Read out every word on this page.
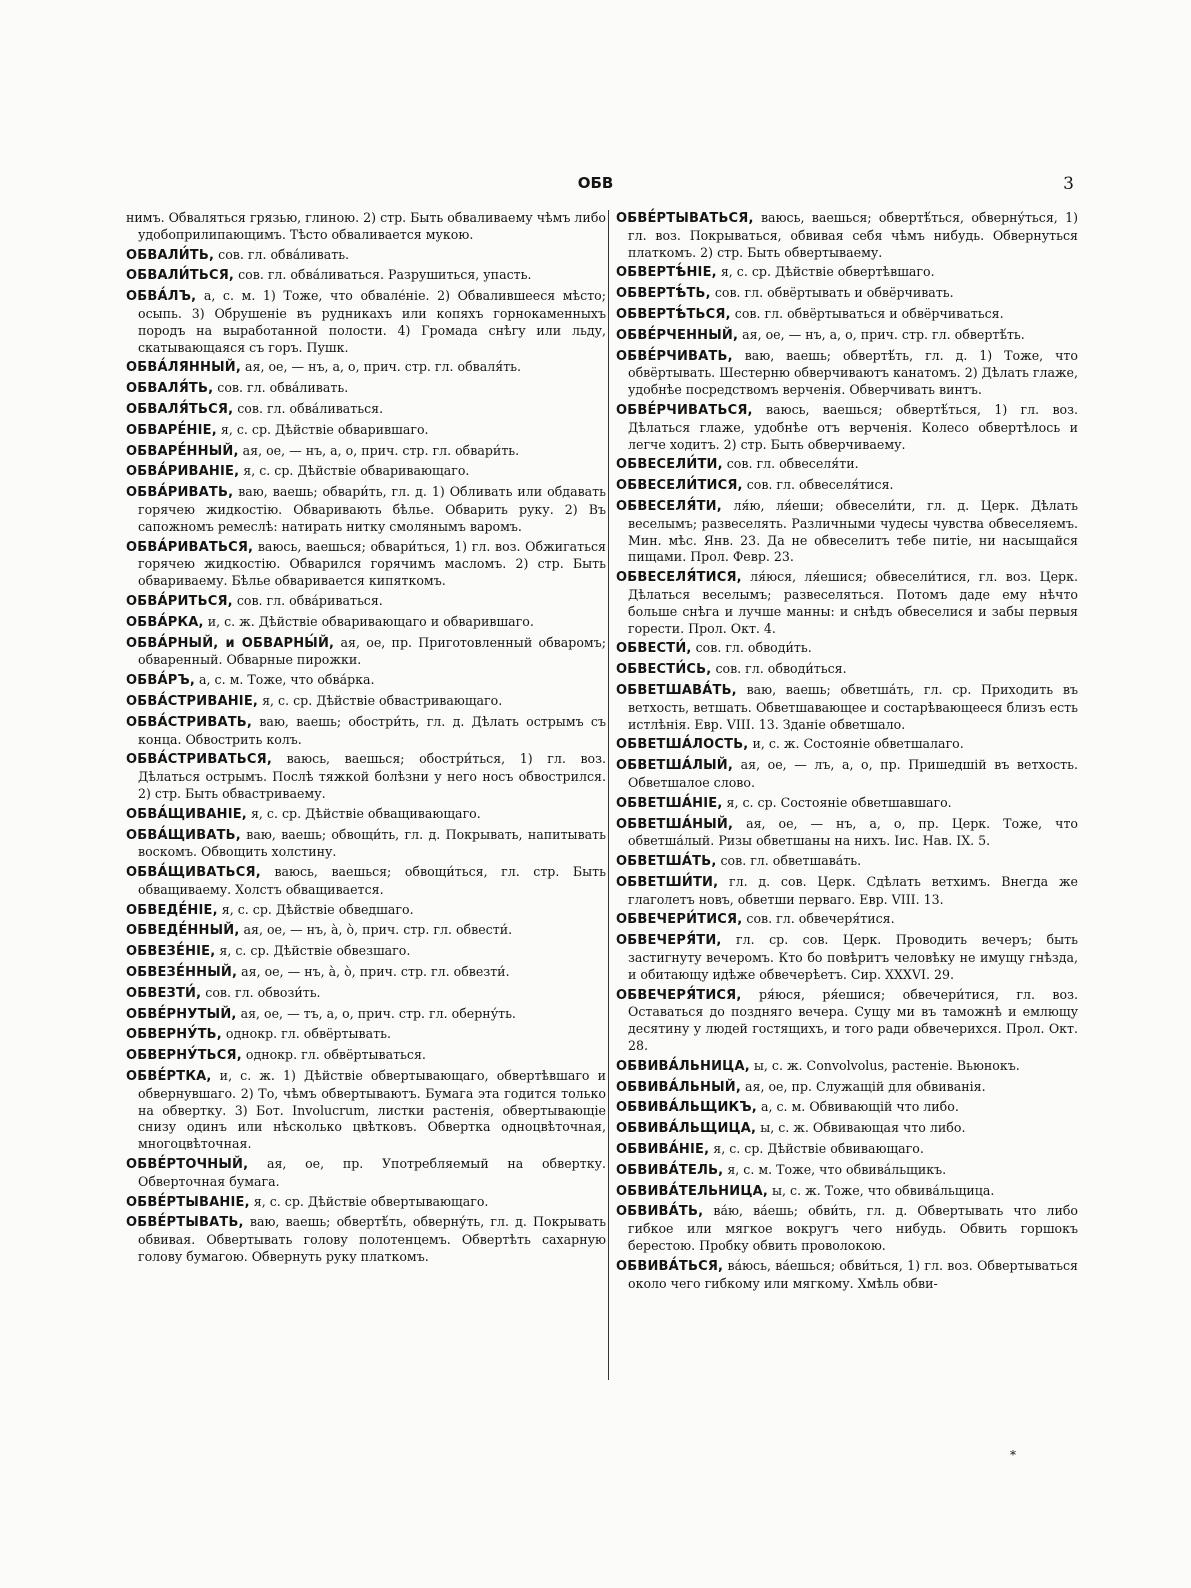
ОБВ	3

нимъ. Обваляться грязью, глиною. 2) стр. Быть обваливаему чѣмъ либо удобоприлипающимъ. Тѣсто обваливается мукою.

ОБВАЛИ́ТЬ, сов. гл. обва́ливать.

ОБВАЛИ́ТЬСЯ, сов. гл. обва́ливаться. Разрушиться, упасть.

ОБВА́ЛЪ, а, с. м. 1) Тоже, что обвале́ніе. 2) Обвалившееся мѣсто; осыпь. 3) Обрушеніе въ рудникахъ или копяхъ горнокаменныхъ породъ на выработанной полости. 4) Громада снѣгу или льду, скатывающаяся съ горъ. Пушк.

ОБВА́ЛЯННЫЙ, ая, ое, — нъ, а, о, прич. стр. гл. обваля́ть.

ОБВАЛЯ́ТЬ, сов. гл. обва́ливать.

ОБВАЛЯ́ТЬСЯ, сов. гл. обва́ливаться.

ОБВАРЕ́НІЕ, я, с. ср. Дѣйствіе обварившаго.

ОБВАРЕ́ННЫЙ, ая, ое, — нъ, а, о, прич. стр. гл. обвари́ть.

ОБВА́РИВАНІЕ, я, с. ср. Дѣйствіе обваривающаго.

ОБВА́РИВАТЬ, ваю, ваешь; обвари́ть, гл. д. 1) Обливать или обдавать горячею жидкостію. Обваривають бѣлье. Обварить руку. 2) Въ сапожномъ ремеслѣ: натирать нитку смолянымъ варомъ.

ОБВА́РИВАТЬСЯ, ваюсь, ваешься; обвари́ться, 1) гл. воз. Обжигаться горячею жидкостію. Обварился горячимъ масломъ. 2) стр. Быть обвариваему. Бѣлье обваривается кипяткомъ.

ОБВА́РИТЬСЯ, сов. гл. обва́риваться.

ОБВА́РКА, и, с. ж. Дѣйствіе обваривающаго и обварившаго.

ОБВА́РНЫЙ, и ОБВАРНЫ́Й, ая, ое, пр. Приготовленный обваромъ; обваренный. Обварные пирожки.

ОБВА́РЪ, а, с. м. Тоже, что обва́рка.

ОБВА́СТРИВАНІЕ, я, с. ср. Дѣйствіе обвастривающаго.

ОБВА́СТРИВАТЬ, ваю, ваешь; обостри́ть, гл. д. Дѣлать острымъ съ конца. Обвострить колъ.

ОБВА́СТРИВАТЬСЯ, ваюсь, ваешься; обостри́ться, 1) гл. воз. Дѣлаться острымъ. Послѣ тяжкой болѣзни у него носъ обвострился. 2) стр. Быть обвастриваему.

ОБВА́ЩИВАНІЕ, я, с. ср. Дѣйствіе обващивающаго.

ОБВА́ЩИВАТЬ, ваю, ваешь; обвощи́ть, гл. д. Покрывать, напитывать воскомъ. Обвощить холстину.

ОБВА́ЩИВАТЬСЯ, ваюсь, ваешься; обвощи́ться, гл. стр. Быть обващиваему. Холстъ обващивается.

ОБВЕДЕ́НІЕ, я, с. ср. Дѣйствіе обведшаго.

ОБВЕДЕ́ННЫЙ, ая, ое, — нъ, а̀, о̀, прич. стр. гл. обвести́.

ОБВЕЗЕ́НІЕ, я, с. ср. Дѣйствіе обвезшаго.

ОБВЕЗЕ́ННЫЙ, ая, ое, — нъ, а̀, о̀, прич. стр. гл. обвезти́.

ОБВЕЗТИ́, сов. гл. обвози́ть.

ОБВЕ́РНУТЫЙ, ая, ое, — тъ, а, о, прич. стр. гл. оберну́ть.

ОБВЕРНУ́ТЬ, однокр. гл. обвёртывать.

ОБВЕРНУ́ТЬСЯ, однокр. гл. обвёртываться.

ОБВЕ́РТКА, и, с. ж. 1) Дѣйствіе обвертывающаго, обвертѣвшаго и обвернувшаго. 2) То, чѣмъ обвертываютъ. Бумага эта годится только на обвертку. 3) Бот. Involucrum, листки растенія, обвертывающіе снизу одинъ или нѣсколько цвѣтковъ. Обвертка одноцвѣточная, многоцвѣточная.

ОБВЕ́РТОЧНЫЙ, ая, ое, пр. Употребляемый на обвертку. Обверточная бумага.

ОБВЕ́РТЫВАНІЕ, я, с. ср. Дѣйствіе обвертывающаго.

ОБВЕ́РТЫВАТЬ, ваю, ваешь; обвертѣ́ть, обверну́ть, гл. д. Покрывать обвивая. Обвертывать голову полотенцемъ. Обвертѣть сахарную голову бумагою. Обвернуть руку платкомъ.

ОБВЕ́РТЫВАТЬСЯ, ваюсь, ваешься; обвертѣ́ться, обверну́ться, 1) гл. воз. Покрываться, обвивая себя чѣмъ нибудь. Обвернуться платкомъ. 2) стр. Быть обвертываему.

ОБВЕРТѢ́НІЕ, я, с. ср. Дѣйствіе обвертѣвшаго.

ОБВЕРТѢ́ТЬ, сов. гл. обвёртывать и обвёрчивать.

ОБВЕРТѢ́ТЬСЯ, сов. гл. обвёртываться и обвёрчиваться.

ОБВЕ́РЧЕННЫЙ, ая, ое, — нъ, а, о, прич. стр. гл. обвертѣ́ть.

ОБВЕ́РЧИВАТЬ, ваю, ваешь; обвертѣ́ть, гл. д. 1) Тоже, что обвёртывать. Шестерню обверчиваютъ канатомъ. 2) Дѣлать глаже, удобнѣе посредствомъ верченія. Обверчивать винтъ.

ОБВЕ́РЧИВАТЬСЯ, ваюсь, ваешься; обвертѣ́ться, 1) гл. воз. Дѣлаться глаже, удобнѣе отъ верченія. Колесо обвертѣлось и легче ходитъ. 2) стр. Быть обверчиваему.

ОБВЕСЕЛИ́ТИ, сов. гл. обвеселя́ти.

ОБВЕСЕЛИ́ТИСЯ, сов. гл. обвеселя́тися.

ОБВЕСЕЛЯ́ТИ, ля́ю, ля́еши; обвесели́ти, гл. д. Церк. Дѣлать веселымъ; развеселять. Различными чудесы чувства обвеселяемъ. Мин. мѣс. Янв. 23. Да не обвеселитъ тебе питіе, ни насыщайся пищами. Прол. Февр. 23.

ОБВЕСЕЛЯ́ТИСЯ, ля́юся, ля́ешися; обвесели́тися, гл. воз. Церк. Дѣлаться веселымъ; развеселяться. Потомъ даде ему нѣчто больше снѣга и лучше манны: и снѣдъ обвеселися и забы первыя горести. Прол. Окт. 4.

ОБВЕСТИ́, сов. гл. обводи́ть.

ОБВЕСТИ́СЬ, сов. гл. обводи́ться.

ОБВЕТШАВА́ТЬ, ваю, ваешь; обветша́ть, гл. ср. Приходить въ ветхость, ветшать. Обветшавающее и состарѣвающееся близъ есть истлѣнія. Евр. VIII. 13. Зданіе обветшало.

ОБВЕТША́ЛОСТЬ, и, с. ж. Состояніе обветшалаго.

ОБВЕТША́ЛЫЙ, ая, ое, — лъ, а, о, пр. Пришедшій въ ветхость. Обветшалое слово.

ОБВЕТША́НІЕ, я, с. ср. Состояніе обветшавшаго.

ОБВЕТША́НЫЙ, ая, ое, — нъ, а, о, пр. Церк. Тоже, что обветша́лый. Ризы обветшаны на нихъ. Іис. Нав. IX. 5.

ОБВЕТША́ТЬ, сов. гл. обветшава́ть.

ОБВЕТШИ́ТИ, гл. д. сов. Церк. Сдѣлать ветхимъ. Внегда же глаголетъ новъ, обветши перваго. Евр. VIII. 13.

ОБВЕЧЕРИ́ТИСЯ, сов. гл. обвечеря́тися.

ОБВЕЧЕРЯ́ТИ, гл. ср. сов. Церк. Проводить вечеръ; быть застигнуту вечеромъ. Кто бо повѣритъ человѣку не имущу гнѣзда, и обитающу идѣже обвечерѣетъ. Сир. XXXVI. 29.

ОБВЕЧЕРЯ́ТИСЯ, ря́юся, ря́ешися; обвечери́тися, гл. воз. Оставаться до поздняго вечера. Сущу ми въ таможнѣ и емлющу десятину у людей гостящихъ, и того ради обвечерихся. Прол. Окт. 28.

ОБВИВА́ЛЬНИЦА, ы, с. ж. Convolvolus, растеніе. Вьюнокъ.

ОБВИВА́ЛЬНЫЙ, ая, ое, пр. Служащій для обвиванія.

ОБВИВА́ЛЬЩИКЪ, а, с. м. Обвивающій что либо.

ОБВИВА́ЛЬЩИЦА, ы, с. ж. Обвивающая что либо.

ОБВИВА́НІЕ, я, с. ср. Дѣйствіе обвивающаго.

ОБВИВА́ТЕЛЬ, я, с. м. Тоже, что обвива́льщикъ.

ОБВИВА́ТЕЛЬНИЦА, ы, с. ж. Тоже, что обвива́льщица.

ОБВИВА́ТЬ, ва́ю, ва́ешь; обви́ть, гл. д. Обвертывать что либо гибкое или мягкое вокругъ чего нибудь. Обвить горшокъ берестою. Пробку обвить проволокою.

ОБВИВА́ТЬСЯ, ва́юсь, ва́ешься; обви́ться, 1) гл. воз. Обвертываться около чего гибкому или мягкому. Хмѣль обви-

*
